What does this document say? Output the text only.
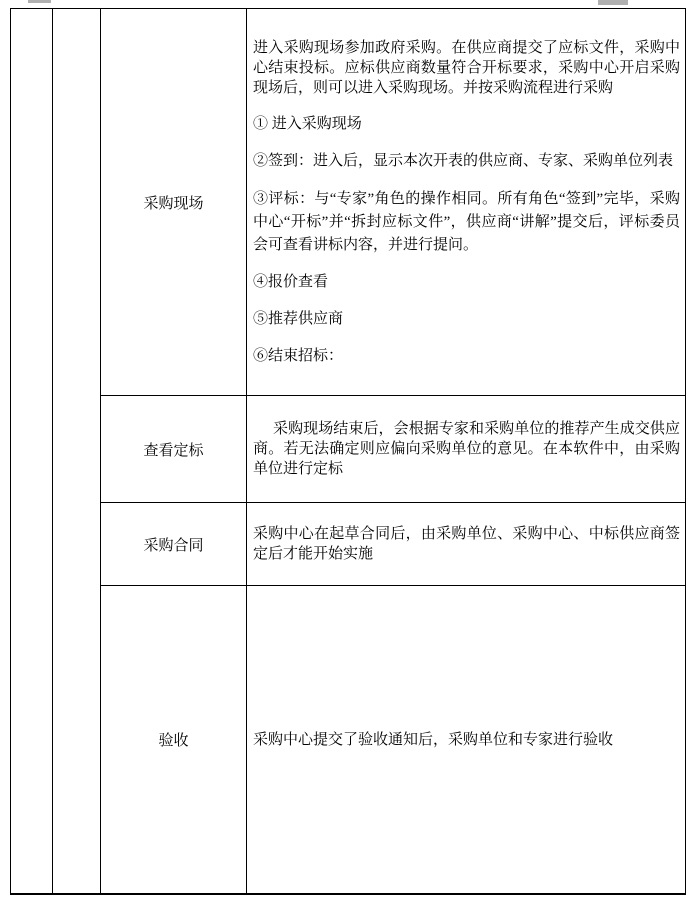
采购现场

进入采购现场参加政府采购。在供应商提交了应标文件，采购中心结束投标。应标供应商数量符合开标要求，采购中心开启采购现场后，则可以进入采购现场。并按采购流程进行采购

① 进入采购现场

②签到：进入后，显示本次开表的供应商、专家、采购单位列表

③评标：与“专家”角色的操作相同。所有角色“签到”完毕，采购中心“开标”并“拆封应标文件”，供应商“讲解”提交后，评标委员会可查看讲标内容，并进行提问。

④报价查看

⑤推荐供应商

⑥结束招标：

查看定标

采购现场结束后，会根据专家和采购单位的推荐产生成交供应商。若无法确定则应偏向采购单位的意见。在本软件中，由采购单位进行定标

采购合同

采购中心在起草合同后，由采购单位、采购中心、中标供应商签定后才能开始实施

验收	采购中心提交了验收通知后，采购单位和专家进行验收
